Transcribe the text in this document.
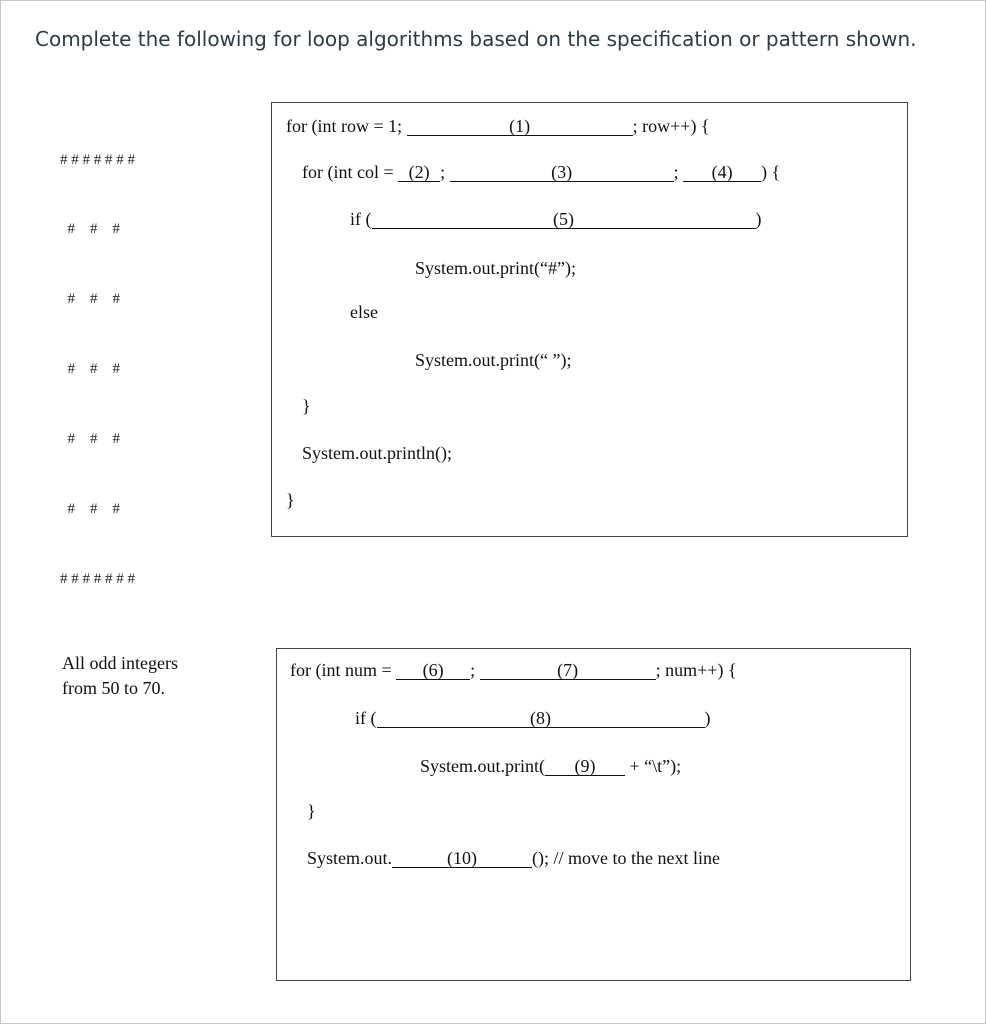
Complete the following for loop algorithms based on the specification or pattern shown.

# # # # # # #

#    #    #

#    #    #

#    #    #

#    #    #

#    #    #

# # # # # # #

for (int row = 1;	(1)	; row++) {
for (int col = (2) ;	(3)	; (4) ) {
if (	(5)	)
System.out.print(“#”);
else
System.out.print(“ ”);
}
System.out.println();
}
All odd integers
from 50 to 70.
for (int num = (6) ;	(7)	; num++) {
if (	(8)	)
System.out.print( (9) + “\t”);
}
System.out.	(10)	(); // move to the next line
